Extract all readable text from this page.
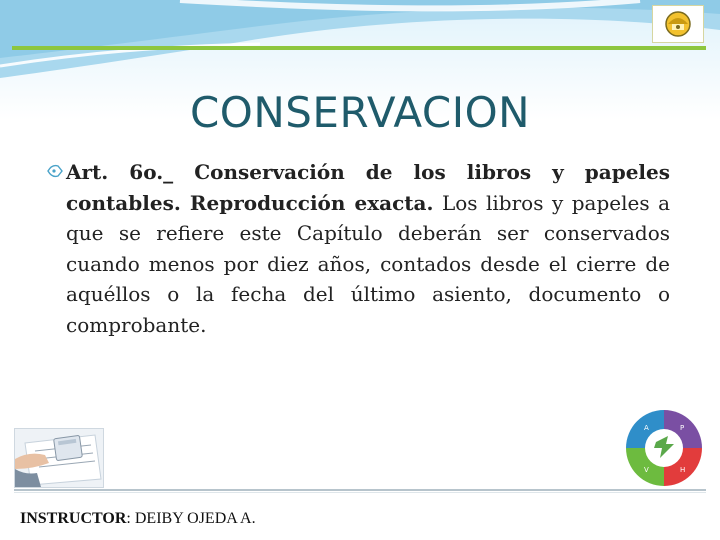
CONSERVACION
Art. 6o._ Conservación de los libros y papeles contables. Reproducción exacta. Los libros y papeles a que se refiere este Capítulo deberán ser conservados cuando menos por diez años, contados desde el cierre de aquéllos o la fecha del último asiento, documento o comprobante.
A	P
V	H
INSTRUCTOR: DEIBY OJEDA A.
